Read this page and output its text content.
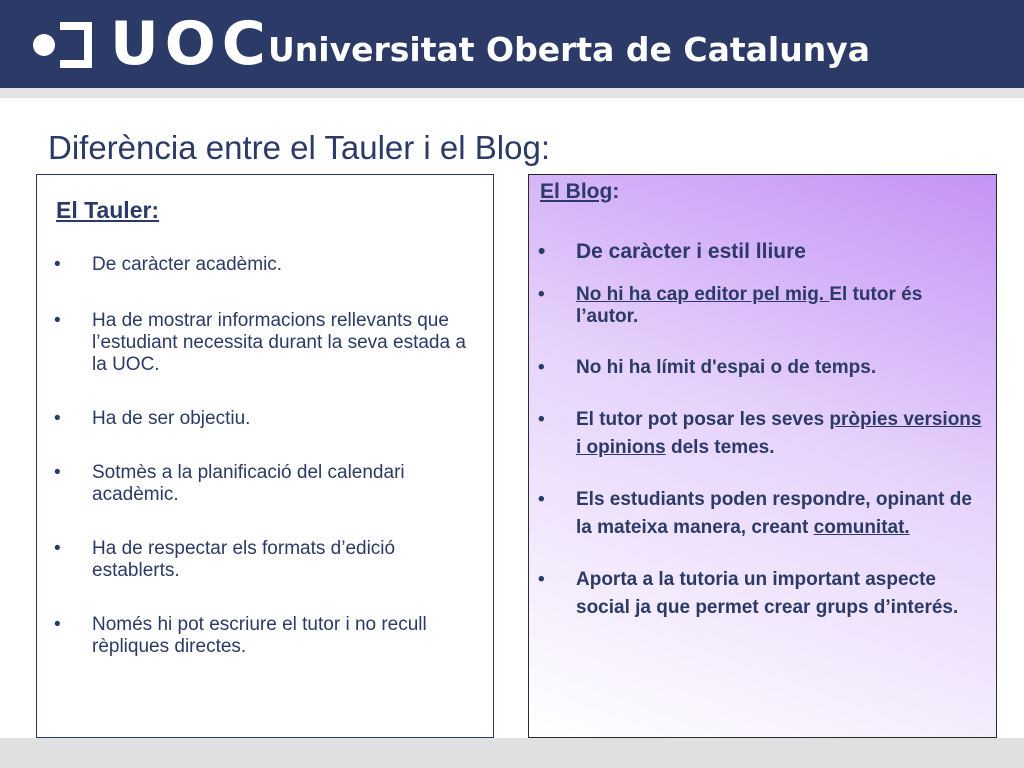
UOC
Universitat Oberta de Catalunya
Diferència entre el Tauler i el Blog:
El Tauler:
• De caràcter acadèmic.
• Ha de mostrar informacions rellevants que l’estudiant necessita durant la seva estada a la UOC.
• Ha de ser objectiu.
• Sotmès a la planificació del calendari acadèmic.
• Ha de respectar els formats d’edició establerts.
• Només hi pot escriure el tutor i no recull rèpliques directes.
El Blog:
• De caràcter i estil lliure
• No hi ha cap editor pel mig. El tutor és l’autor.
• No hi ha límit d'espai o de temps.
• El tutor pot posar les seves pròpies versions i opinions dels temes.
• Els estudiants poden respondre, opinant de la mateixa manera, creant comunitat.
• Aporta a la tutoria un important aspecte social ja que permet crear grups d’interés.
